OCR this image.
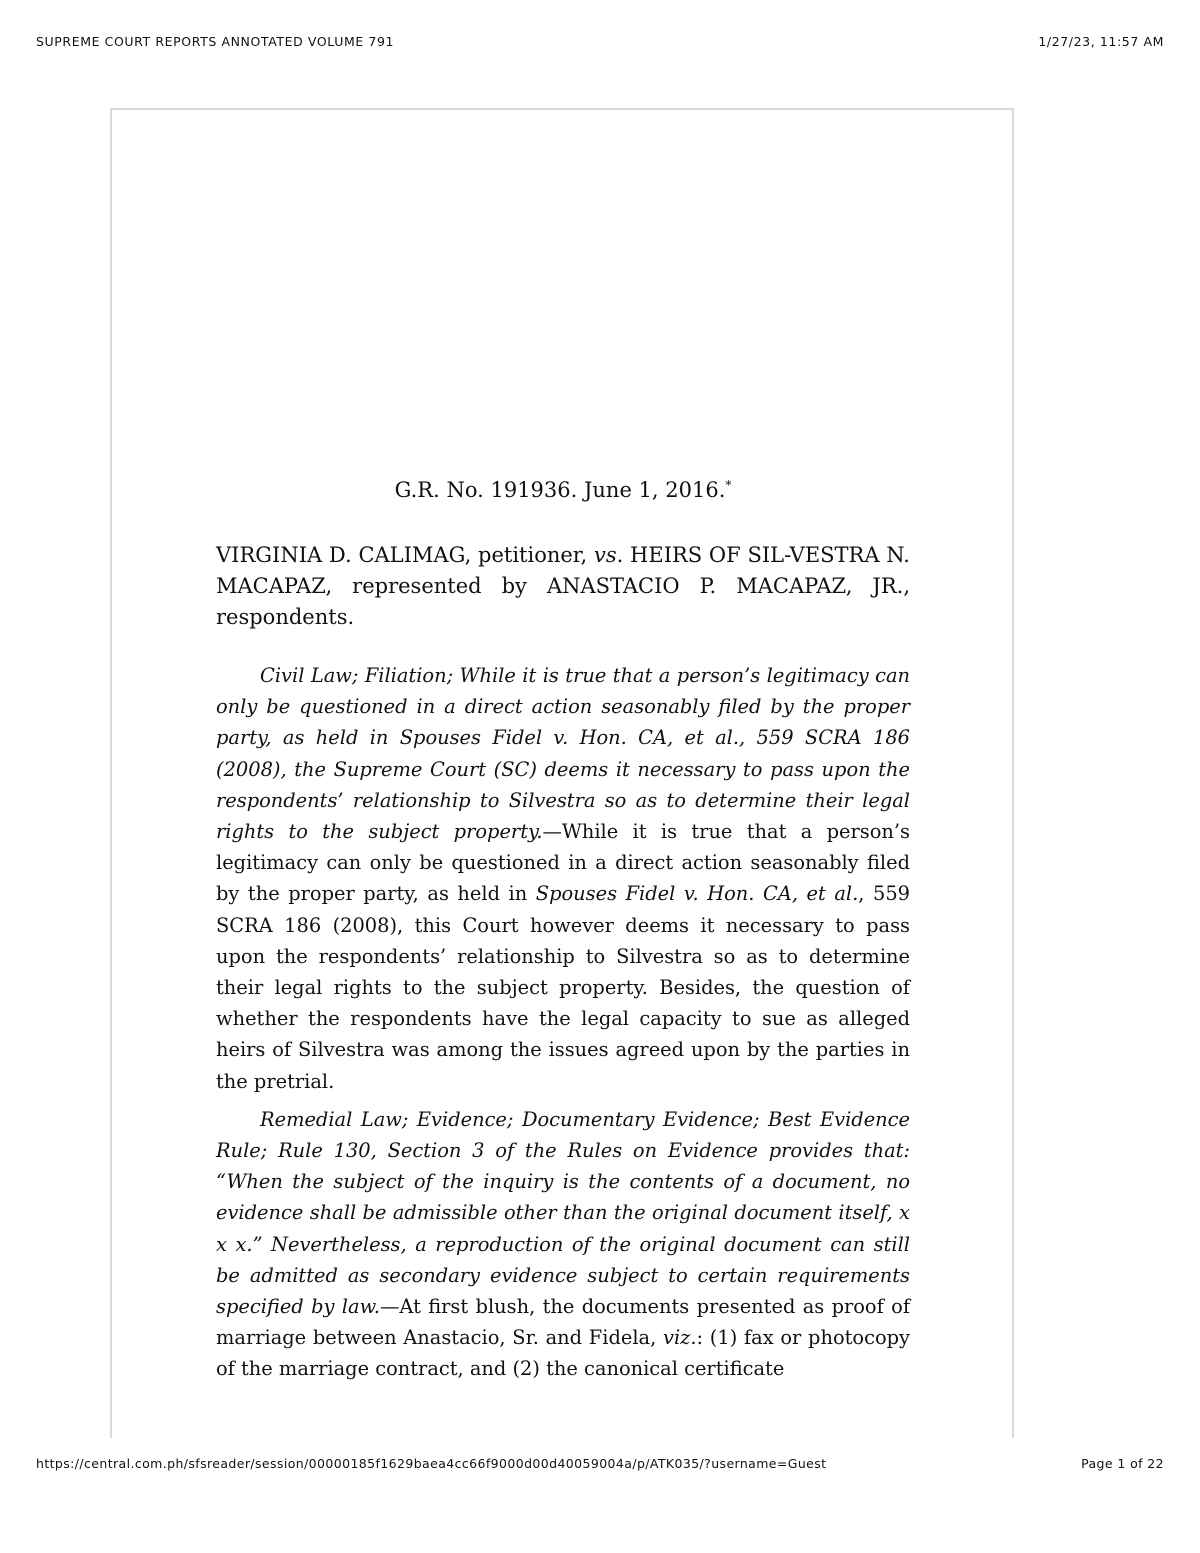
SUPREME COURT REPORTS ANNOTATED VOLUME 791	1/27/23, 11:57 AM

G.R. No. 191936. June 1, 2016.*

VIRGINIA D. CALIMAG, petitioner, vs. HEIRS OF SIL-VESTRA N. MACAPAZ, represented by ANASTACIO P. MACAPAZ, JR., respondents.

Civil Law; Filiation; While it is true that a person’s legitimacy can only be questioned in a direct action seasonably filed by the proper party, as held in Spouses Fidel v. Hon. CA, et al., 559 SCRA 186 (2008), the Supreme Court (SC) deems it necessary to pass upon the respondents’ relationship to Silvestra so as to determine their legal rights to the subject property.—While it is true that a person’s legitimacy can only be questioned in a direct action seasonably filed by the proper party, as held in Spouses Fidel v. Hon. CA, et al., 559 SCRA 186 (2008), this Court however deems it necessary to pass upon the respondents’ relationship to Silvestra so as to determine their legal rights to the subject property. Besides, the question of whether the respondents have the legal capacity to sue as alleged heirs of Silvestra was among the issues agreed upon by the parties in the pretrial.

Remedial Law; Evidence; Documentary Evidence; Best Evidence Rule; Rule 130, Section 3 of the Rules on Evidence provides that: “When the subject of the inquiry is the contents of a document, no evidence shall be admissible other than the original document itself, x x x.” Nevertheless, a reproduction of the original document can still be admitted as secondary evidence subject to certain requirements specified by law.—At first blush, the documents presented as proof of marriage between Anastacio, Sr. and Fidela, viz.: (1) fax or photocopy of the marriage contract, and (2) the canonical certificate

https://central.com.ph/sfsreader/session/00000185f1629baea4cc66f9000d00d40059004a/p/ATK035/?username=Guest	Page 1 of 22
